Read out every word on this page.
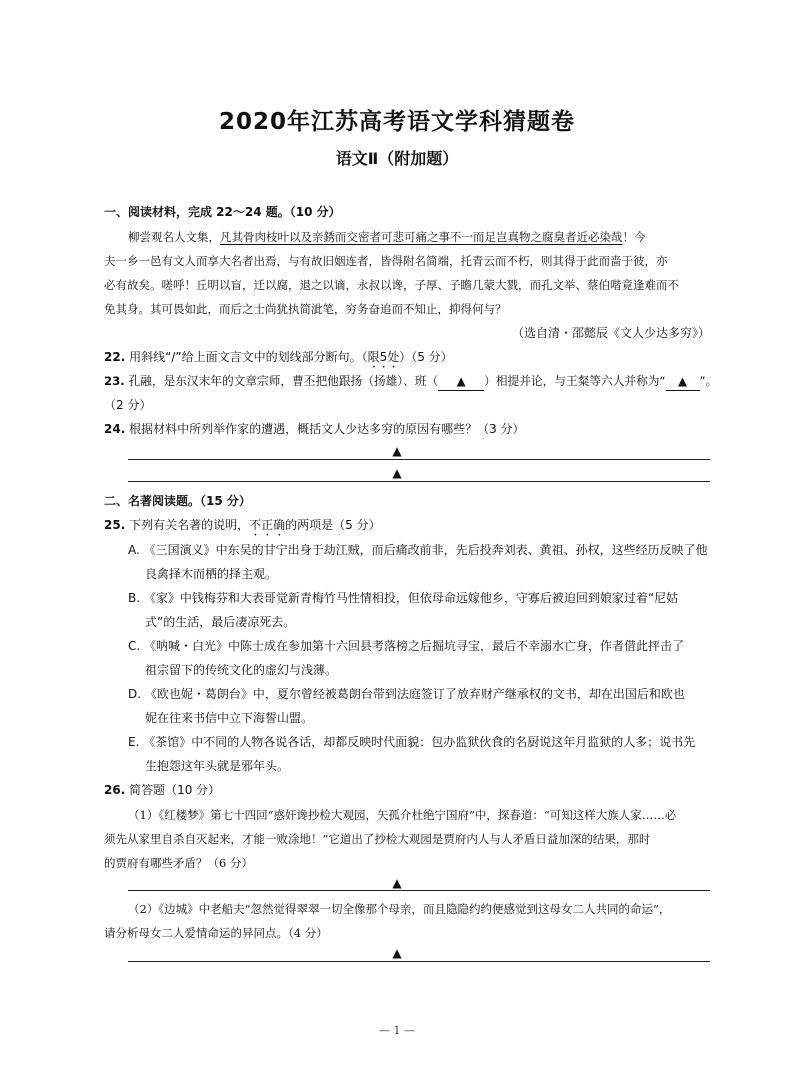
2020年江苏高考语文学科猜题卷
语文Ⅱ（附加题）
一、阅读材料，完成 22～24 题。（10 分）
柳尝观名人文集，凡其骨肉枝叶以及亲銹而交密者可悲可痛之事不一而足岂真物之腐臭者近必染哉！今
夫一乡一邑有文人而享大名者出焉，与有故旧姻连者，皆得附名简端，托青云而不朽，则其得于此而啬于彼，亦
必有故矣。嗟呼！丘明以盲，迁以腐，退之以谪，永叔以谗，子厚、子瞻几蒙大戮，而孔文举、蔡伯喈竟逢难而不
免其身。其可畏如此，而后之士尚犹执简泚笔，穷务奋追而不知止，抑得何与？
（选自清・邵懿辰《文人少达多穷》）
22. 用斜线“/”给上面文言文中的划线部分断句。（限5处）（5 分）
23. 孔融，是东汉末年的文章宗师，曹丕把他跟扬（扬雄）、班（ ▲ ）相提并论，与王粲等六人并称为“ ▲ ”。
（2 分）
24. 根据材料中所列举作家的遭遇，概括文人少达多穷的原因有哪些？（3 分）
▲
▲
二、名著阅读题。（15 分）
25. 下列有关名著的说明，不正确的两项是（5 分）
A. 《三国演义》中东吴的甘宁出身于劫江贼，而后痛改前非，先后投奔刘表、黄祖、孙权，这些经历反映了他
良禽择木而栖的择主观。
B. 《家》中钱梅芬和大表哥觉新青梅竹马性情相投，但依母命远嫁他乡，守寡后被迫回到娘家过着“尼姑
式”的生活，最后凄凉死去。
C. 《呐喊・白光》中陈士成在参加第十六回县考落榜之后掘坑寻宝，最后不幸溺水亡身，作者借此抨击了
祖宗留下的传统文化的虚幻与浅薄。
D. 《欧也妮・葛朗台》中，夏尔曾经被葛朗台带到法庭签订了放弃财产继承权的文书，却在出国后和欧也
妮在往来书信中立下海誓山盟。
E. 《茶馆》中不同的人物各说各话，却都反映时代面貌：包办监狱伙食的名厨说这年月监狱的人多；说书先
生抱怨这年头就是邪年头。
26. 简答题（10 分）
（1）《红楼梦》第七十四回“惑奸谗抄检大观园，矢孤介杜绝宁国府”中，探春道：“可知这样大族人家……必
须先从家里自杀自灭起来，才能一败涂地！”它道出了抄检大观园是贾府内人与人矛盾日益加深的结果，那时
的贾府有哪些矛盾？（6 分）
▲
（2）《边城》中老船夫“忽然觉得翠翠一切全像那个母亲，而且隐隐约约便感觉到这母女二人共同的命运”，
请分析母女二人爱情命运的异同点。（4 分）
▲
— 1 —
